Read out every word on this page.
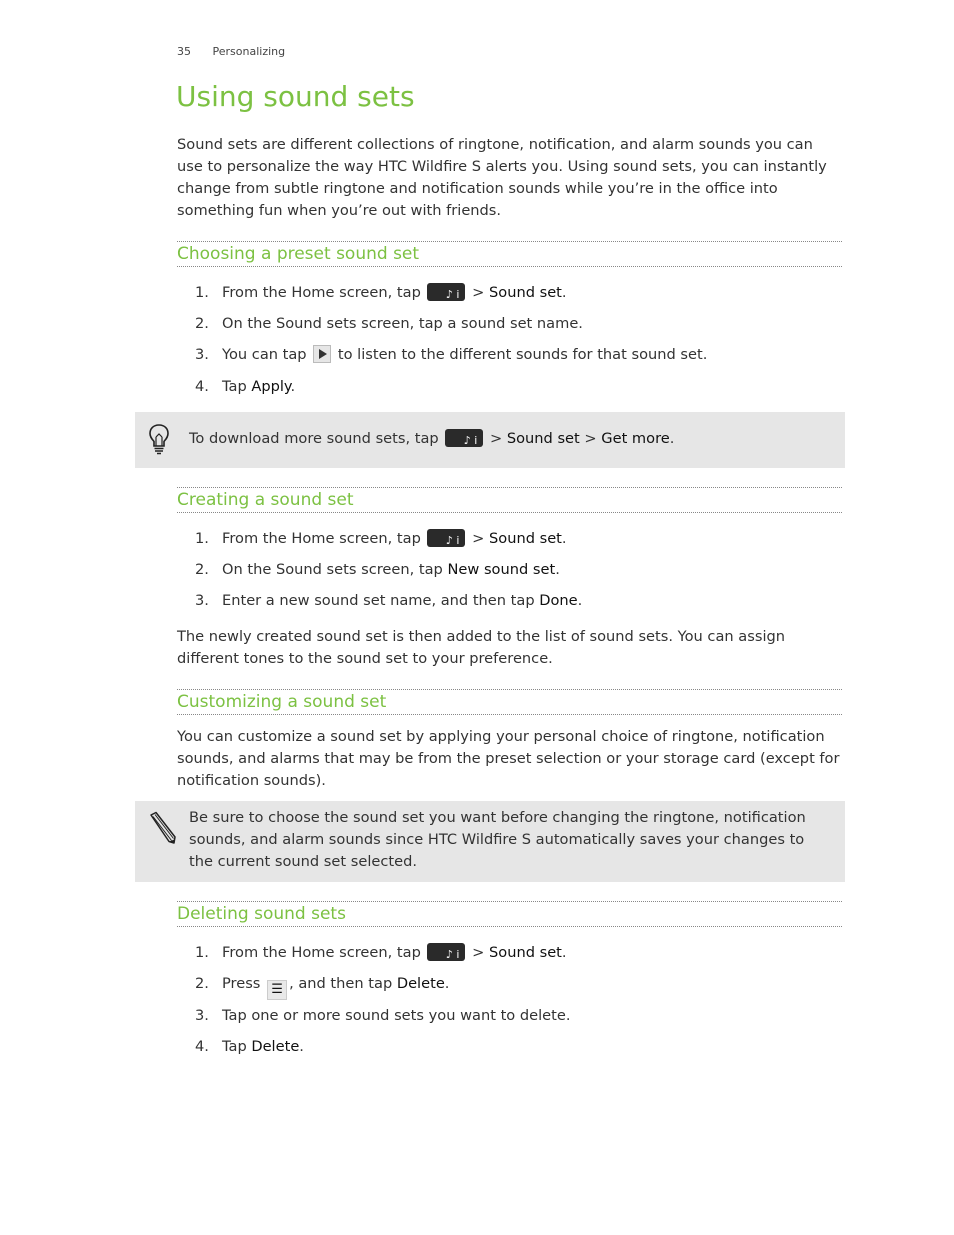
35 Personalizing
Using sound sets

Sound sets are different collections of ringtone, notification, and alarm sounds you can use to personalize the way HTC Wildfire S alerts you. Using sound sets, you can instantly change from subtle ringtone and notification sounds while you’re in the office into something fun when you’re out with friends.

Choosing a preset sound set
1. From the Home screen, tap ♪ i	> Sound set.
2. On the Sound sets screen, tap a sound set name.
3. You can tap  to listen to the different sounds for that sound set.
4. Tap Apply.
To download more sound sets, tap ♪ i	> Sound set > Get more.
Creating a sound set
1. From the Home screen, tap ♪ i	> Sound set.
2. On the Sound sets screen, tap New sound set.
3. Enter a new sound set name, and then tap Done.

The newly created sound set is then added to the list of sound sets. You can assign different tones to the sound set to your preference.

Customizing a sound set

You can customize a sound set by applying your personal choice of ringtone, notification sounds, and alarms that may be from the preset selection or your storage card (except for notification sounds).

Be sure to choose the sound set you want before changing the ringtone, notification sounds, and alarm sounds since HTC Wildfire S automatically saves your changes to the current sound set selected.
Deleting sound sets
1. From the Home screen, tap ♪ i	> Sound set.
2. Press ☰ , and then tap Delete.
3. Tap one or more sound sets you want to delete.
4. Tap Delete.
